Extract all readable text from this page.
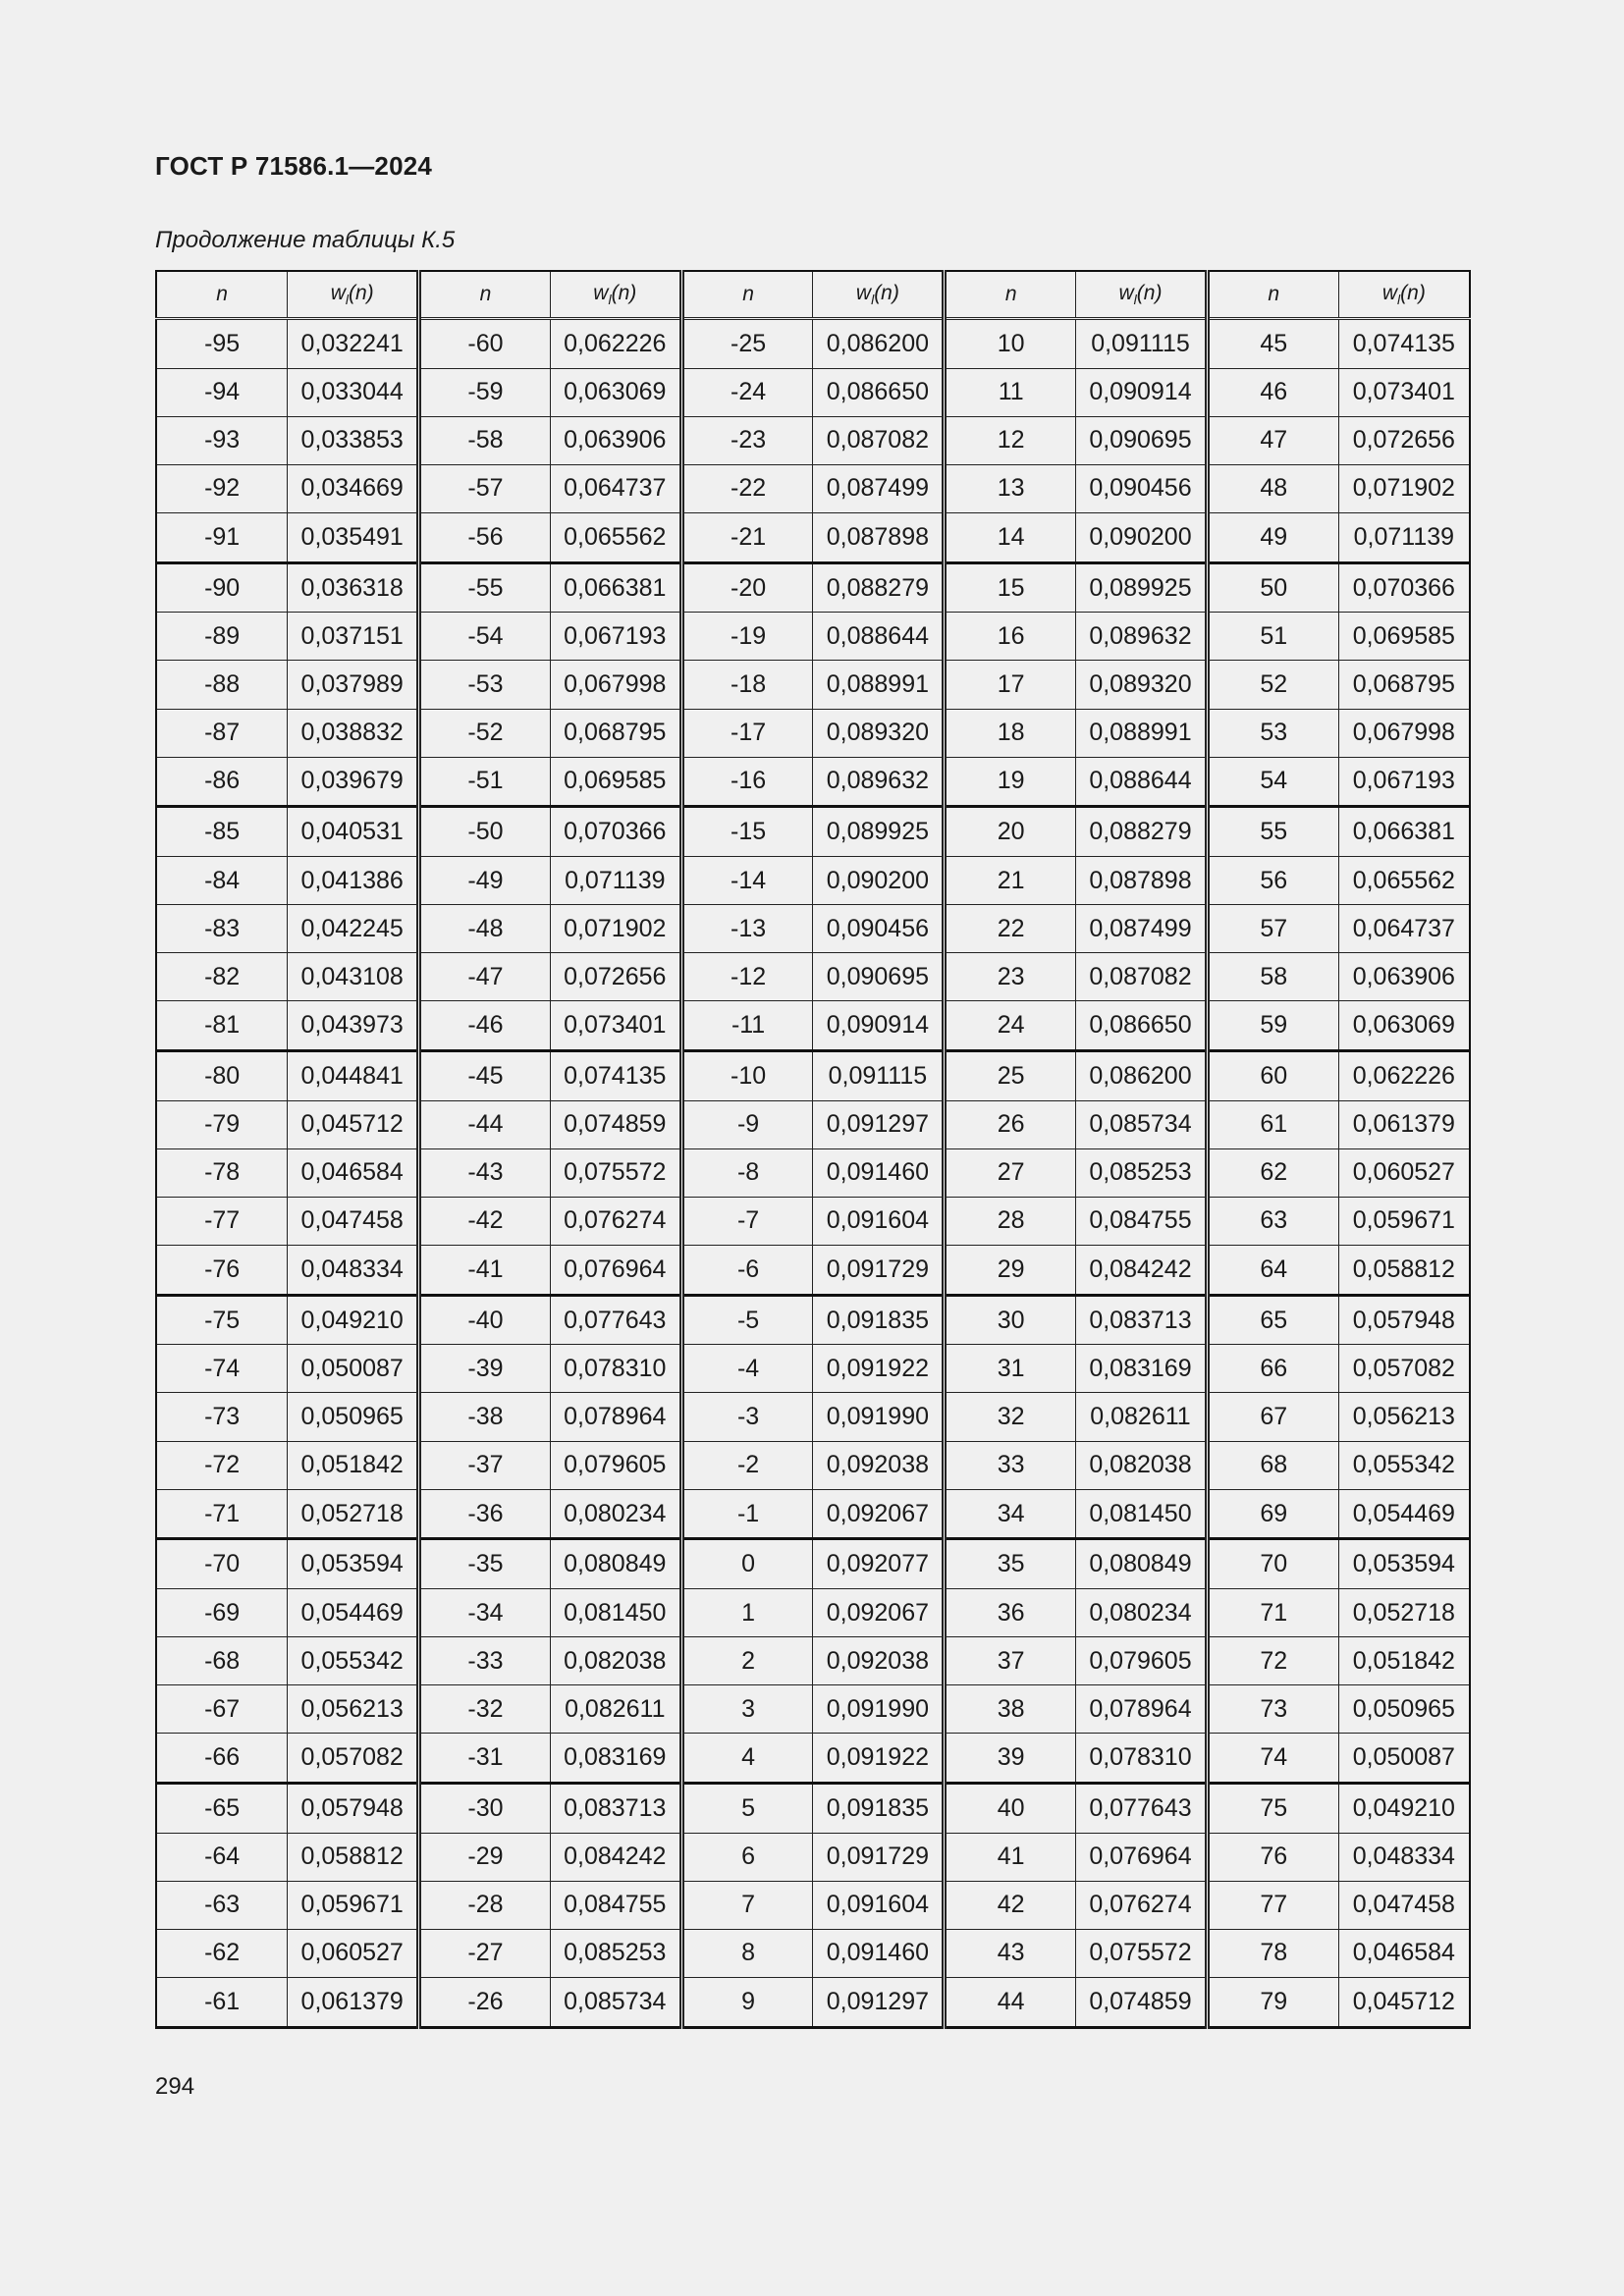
ГОСТ Р 71586.1—2024
Продолжение таблицы К.5
n	$w_l(n)$	n	$w_l(n)$	n	$w_l(n)$	n	$w_l(n)$	n	$w_l(n)$
-95	0,032241	-60	0,062226	-25	0,086200	10	0,091115	45	0,074135
-94	0,033044	-59	0,063069	-24	0,086650	11	0,090914	46	0,073401
-93	0,033853	-58	0,063906	-23	0,087082	12	0,090695	47	0,072656
-92	0,034669	-57	0,064737	-22	0,087499	13	0,090456	48	0,071902
-91	0,035491	-56	0,065562	-21	0,087898	14	0,090200	49	0,071139
-90	0,036318	-55	0,066381	-20	0,088279	15	0,089925	50	0,070366
-89	0,037151	-54	0,067193	-19	0,088644	16	0,089632	51	0,069585
-88	0,037989	-53	0,067998	-18	0,088991	17	0,089320	52	0,068795
-87	0,038832	-52	0,068795	-17	0,089320	18	0,088991	53	0,067998
-86	0,039679	-51	0,069585	-16	0,089632	19	0,088644	54	0,067193
-85	0,040531	-50	0,070366	-15	0,089925	20	0,088279	55	0,066381
-84	0,041386	-49	0,071139	-14	0,090200	21	0,087898	56	0,065562
-83	0,042245	-48	0,071902	-13	0,090456	22	0,087499	57	0,064737
-82	0,043108	-47	0,072656	-12	0,090695	23	0,087082	58	0,063906
-81	0,043973	-46	0,073401	-11	0,090914	24	0,086650	59	0,063069
-80	0,044841	-45	0,074135	-10	0,091115	25	0,086200	60	0,062226
-79	0,045712	-44	0,074859	-9	0,091297	26	0,085734	61	0,061379
-78	0,046584	-43	0,075572	-8	0,091460	27	0,085253	62	0,060527
-77	0,047458	-42	0,076274	-7	0,091604	28	0,084755	63	0,059671
-76	0,048334	-41	0,076964	-6	0,091729	29	0,084242	64	0,058812
-75	0,049210	-40	0,077643	-5	0,091835	30	0,083713	65	0,057948
-74	0,050087	-39	0,078310	-4	0,091922	31	0,083169	66	0,057082
-73	0,050965	-38	0,078964	-3	0,091990	32	0,082611	67	0,056213
-72	0,051842	-37	0,079605	-2	0,092038	33	0,082038	68	0,055342
-71	0,052718	-36	0,080234	-1	0,092067	34	0,081450	69	0,054469
-70	0,053594	-35	0,080849	0	0,092077	35	0,080849	70	0,053594
-69	0,054469	-34	0,081450	1	0,092067	36	0,080234	71	0,052718
-68	0,055342	-33	0,082038	2	0,092038	37	0,079605	72	0,051842
-67	0,056213	-32	0,082611	3	0,091990	38	0,078964	73	0,050965
-66	0,057082	-31	0,083169	4	0,091922	39	0,078310	74	0,050087
-65	0,057948	-30	0,083713	5	0,091835	40	0,077643	75	0,049210
-64	0,058812	-29	0,084242	6	0,091729	41	0,076964	76	0,048334
-63	0,059671	-28	0,084755	7	0,091604	42	0,076274	77	0,047458
-62	0,060527	-27	0,085253	8	0,091460	43	0,075572	78	0,046584
-61	0,061379	-26	0,085734	9	0,091297	44	0,074859	79	0,045712
294
